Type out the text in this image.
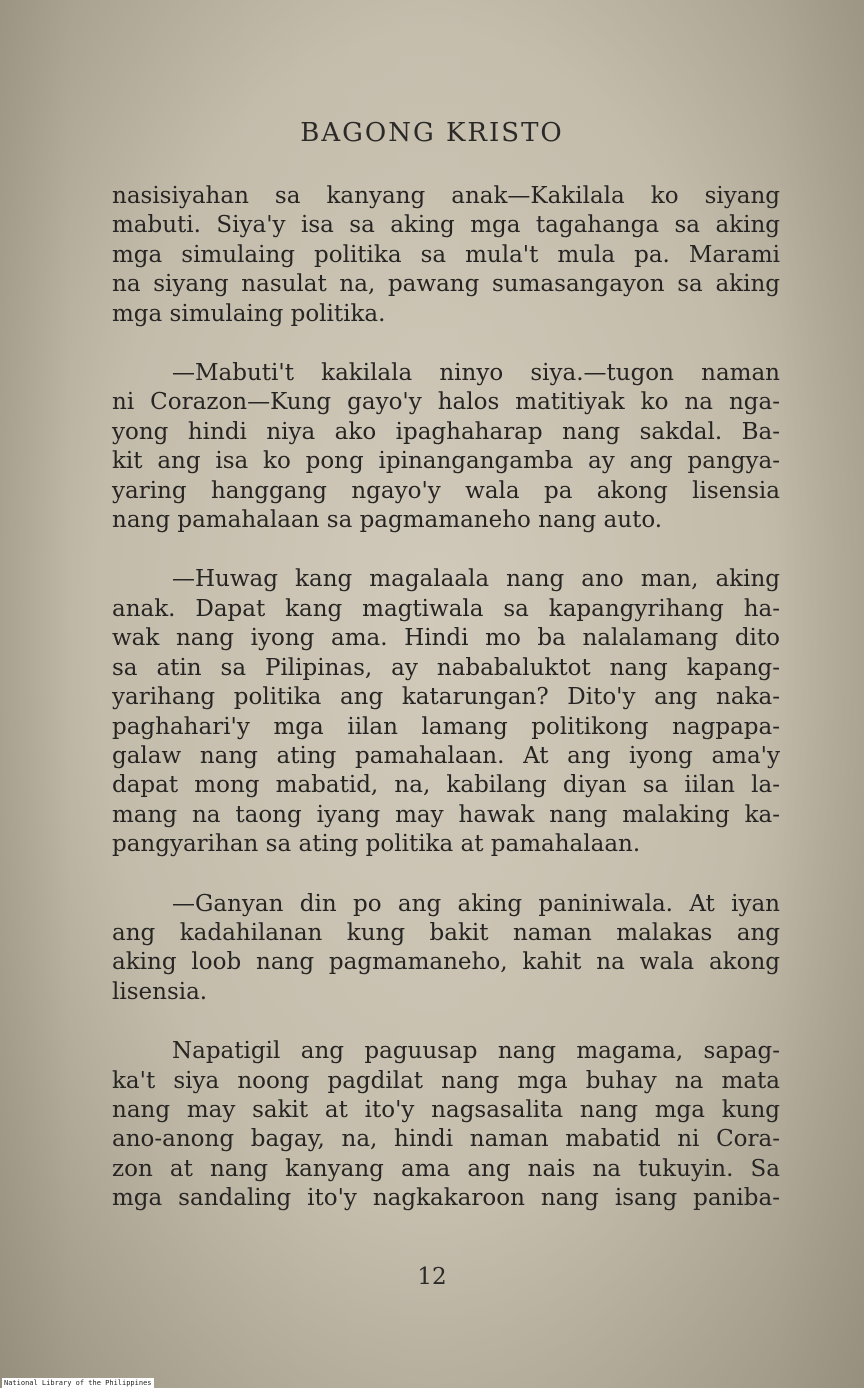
BAGONG KRISTO
nasisiyahan sa kanyang anak—Kakilala ko siyang
mabuti. Siya'y isa sa aking mga tagahanga sa aking
mga simulaing politika sa mula't mula pa. Marami
na siyang nasulat na, pawang sumasangayon sa aking
mga simulaing politika.
—Mabuti't kakilala ninyo siya.—tugon naman
ni Corazon—Kung gayo'y halos matitiyak ko na nga-
yong hindi niya ako ipaghaharap nang sakdal. Ba-
kit ang isa ko pong ipinangangamba ay ang pangya-
yaring hanggang ngayo'y wala pa akong lisensia
nang pamahalaan sa pagmamaneho nang auto.
—Huwag kang magalaala nang ano man, aking
anak. Dapat kang magtiwala sa kapangyrihang ha-
wak nang iyong ama. Hindi mo ba nalalamang dito
sa atin sa Pilipinas, ay nababaluktot nang kapang-
yarihang politika ang katarungan? Dito'y ang naka-
paghahari'y mga iilan lamang politikong nagpapa-
galaw nang ating pamahalaan. At ang iyong ama'y
dapat mong mabatid, na, kabilang diyan sa iilan la-
mang na taong iyang may hawak nang malaking ka-
pangyarihan sa ating politika at pamahalaan.
—Ganyan din po ang aking paniniwala. At iyan
ang kadahilanan kung bakit naman malakas ang
aking loob nang pagmamaneho, kahit na wala akong
lisensia.
Napatigil ang paguusap nang magama, sapag-
ka't siya noong pagdilat nang mga buhay na mata
nang may sakit at ito'y nagsasalita nang mga kung
ano-anong bagay, na, hindi naman mabatid ni Cora-
zon at nang kanyang ama ang nais na tukuyin. Sa
mga sandaling ito'y nagkakaroon nang isang paniba-
12
National Library of the Philippines
